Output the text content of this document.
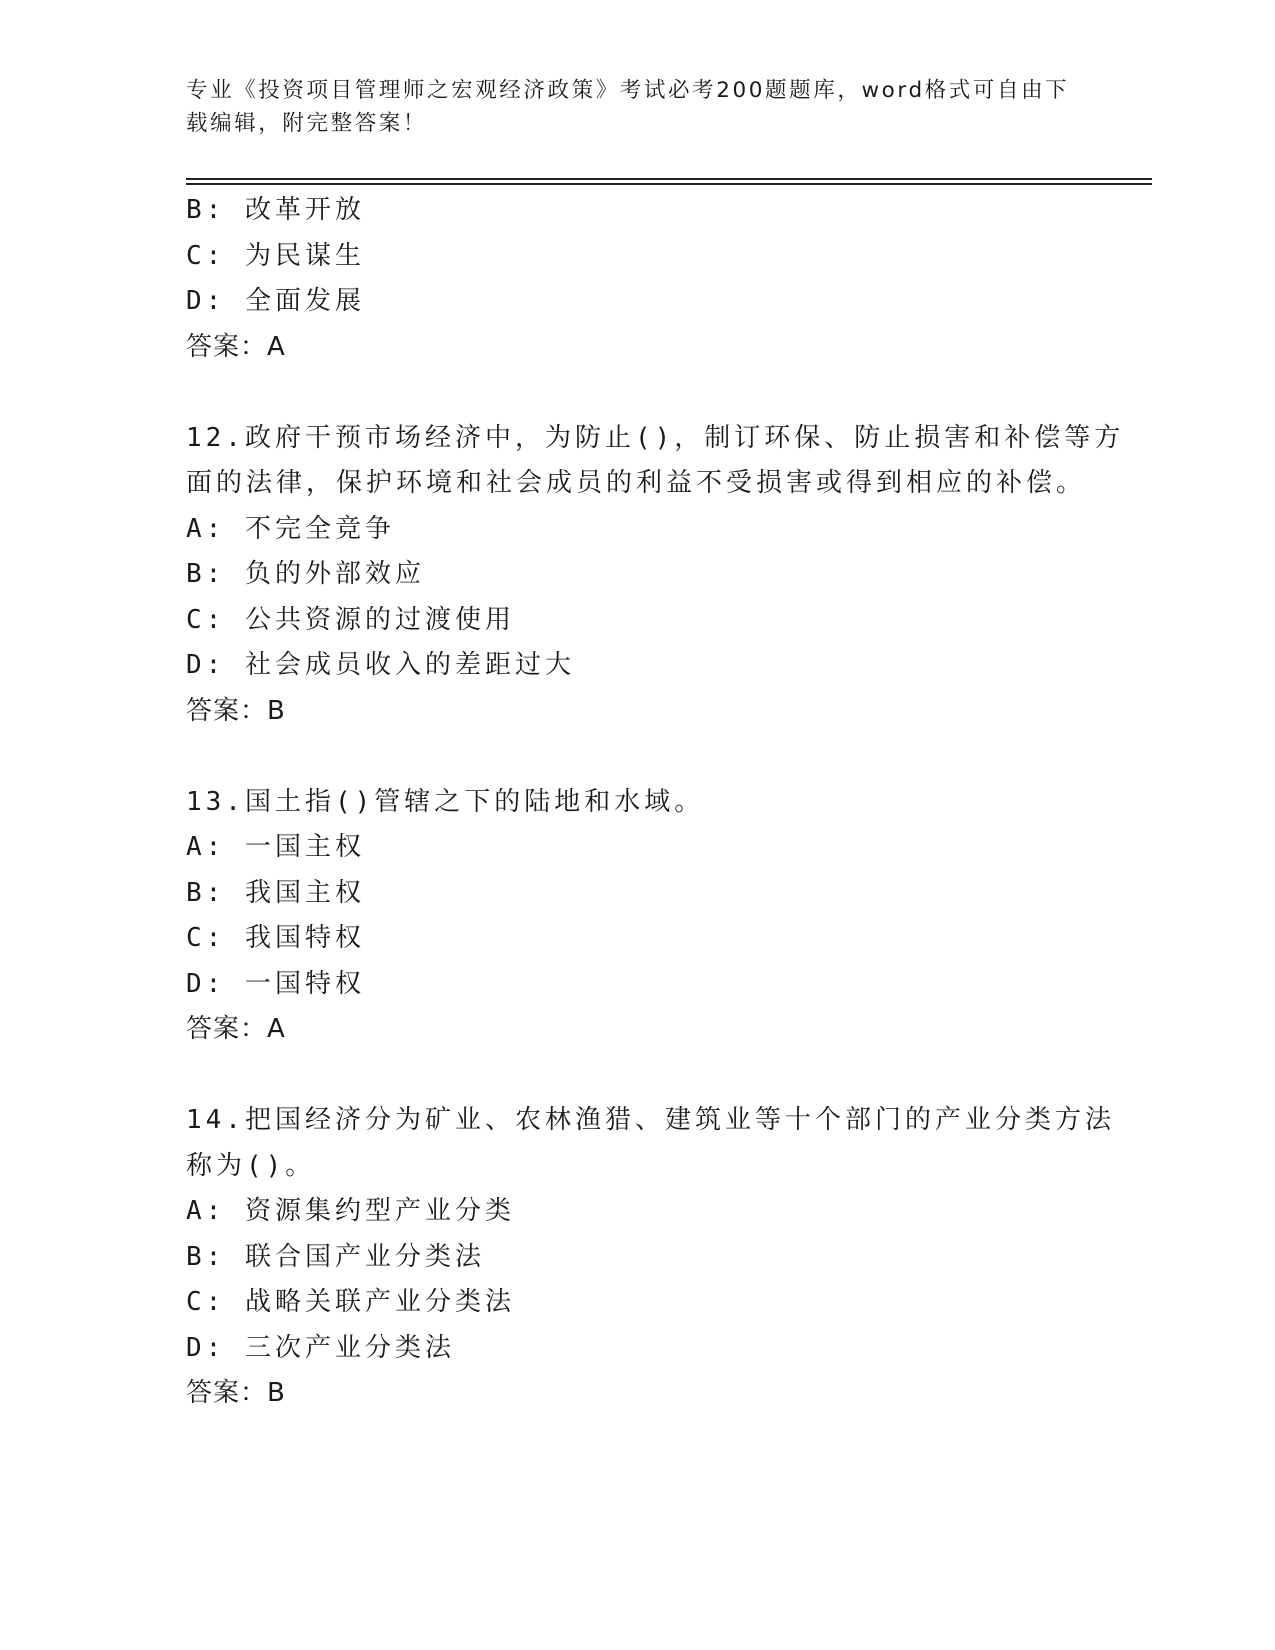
专业《投资项目管理师之宏观经济政策》考试必考200题题库，word格式可自由下载编辑，附完整答案！
B: 改革开放
C: 为民谋生
D: 全面发展
答案：A
12.政府干预市场经济中，为防止()，制订环保、防止损害和补偿等方
面的法律，保护环境和社会成员的利益不受损害或得到相应的补偿。
A: 不完全竞争
B: 负的外部效应
C: 公共资源的过渡使用
D: 社会成员收入的差距过大
答案：B
13.国土指()管辖之下的陆地和水域。
A: 一国主权
B: 我国主权
C: 我国特权
D: 一国特权
答案：A
14.把国经济分为矿业、农林渔猎、建筑业等十个部门的产业分类方法
称为()。
A: 资源集约型产业分类
B: 联合国产业分类法
C: 战略关联产业分类法
D: 三次产业分类法
答案：B
